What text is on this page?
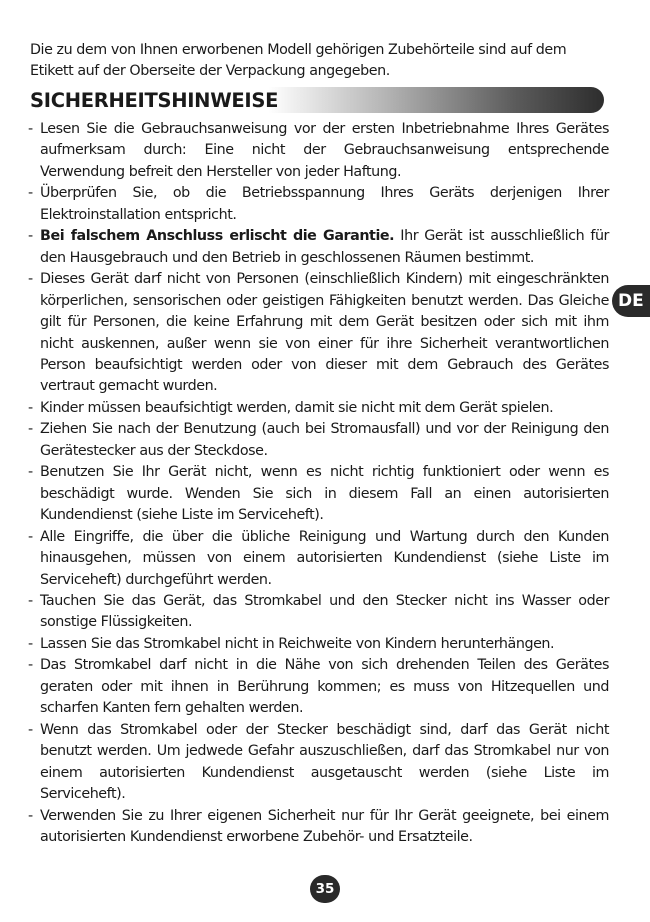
Die zu dem von Ihnen erworbenen Modell gehörigen Zubehörteile sind auf dem Etikett auf der Oberseite der Verpackung angegeben.

SICHERHEITSHINWEISE
- Lesen Sie die Gebrauchsanweisung vor der ersten Inbetriebnahme Ihres Gerätes aufmerksam durch: Eine nicht der Gebrauchsanweisung entsprechende Verwendung befreit den Hersteller von jeder Haftung.
- Überprüfen Sie, ob die Betriebsspannung Ihres Geräts derjenigen Ihrer Elektroinstallation entspricht.
- Bei falschem Anschluss erlischt die Garantie. Ihr Gerät ist ausschließlich für den Hausgebrauch und den Betrieb in geschlossenen Räumen bestimmt.
- Dieses Gerät darf nicht von Personen (einschließlich Kindern) mit eingeschränkten körperlichen, sensorischen oder geistigen Fähigkeiten benutzt werden. Das Gleiche gilt für Personen, die keine Erfahrung mit dem Gerät besitzen oder sich mit ihm nicht auskennen, außer wenn sie von einer für ihre Sicherheit verantwortlichen Person beaufsichtigt werden oder von dieser mit dem Gebrauch des Gerätes vertraut gemacht wurden.
- Kinder müssen beaufsichtigt werden, damit sie nicht mit dem Gerät spielen.
- Ziehen Sie nach der Benutzung (auch bei Stromausfall) und vor der Reinigung den Gerätestecker aus der Steckdose.
- Benutzen Sie Ihr Gerät nicht, wenn es nicht richtig funktioniert oder wenn es beschädigt wurde. Wenden Sie sich in diesem Fall an einen autorisierten Kundendienst (siehe Liste im Serviceheft).
- Alle Eingriffe, die über die übliche Reinigung und Wartung durch den Kunden hinausgehen, müssen von einem autorisierten Kundendienst (siehe Liste im Serviceheft) durchgeführt werden.
- Tauchen Sie das Gerät, das Stromkabel und den Stecker nicht ins Wasser oder sonstige Flüssigkeiten.
- Lassen Sie das Stromkabel nicht in Reichweite von Kindern herunterhängen.
- Das Stromkabel darf nicht in die Nähe von sich drehenden Teilen des Gerätes geraten oder mit ihnen in Berührung kommen; es muss von Hitzequellen und scharfen Kanten fern gehalten werden.
- Wenn das Stromkabel oder der Stecker beschädigt sind, darf das Gerät nicht benutzt werden. Um jedwede Gefahr auszuschließen, darf das Stromkabel nur von einem autorisierten Kundendienst ausgetauscht werden (siehe Liste im Serviceheft).
- Verwenden Sie zu Ihrer eigenen Sicherheit nur für Ihr Gerät geeignete, bei einem autorisierten Kundendienst erworbene Zubehör- und Ersatzteile.
DE
35
